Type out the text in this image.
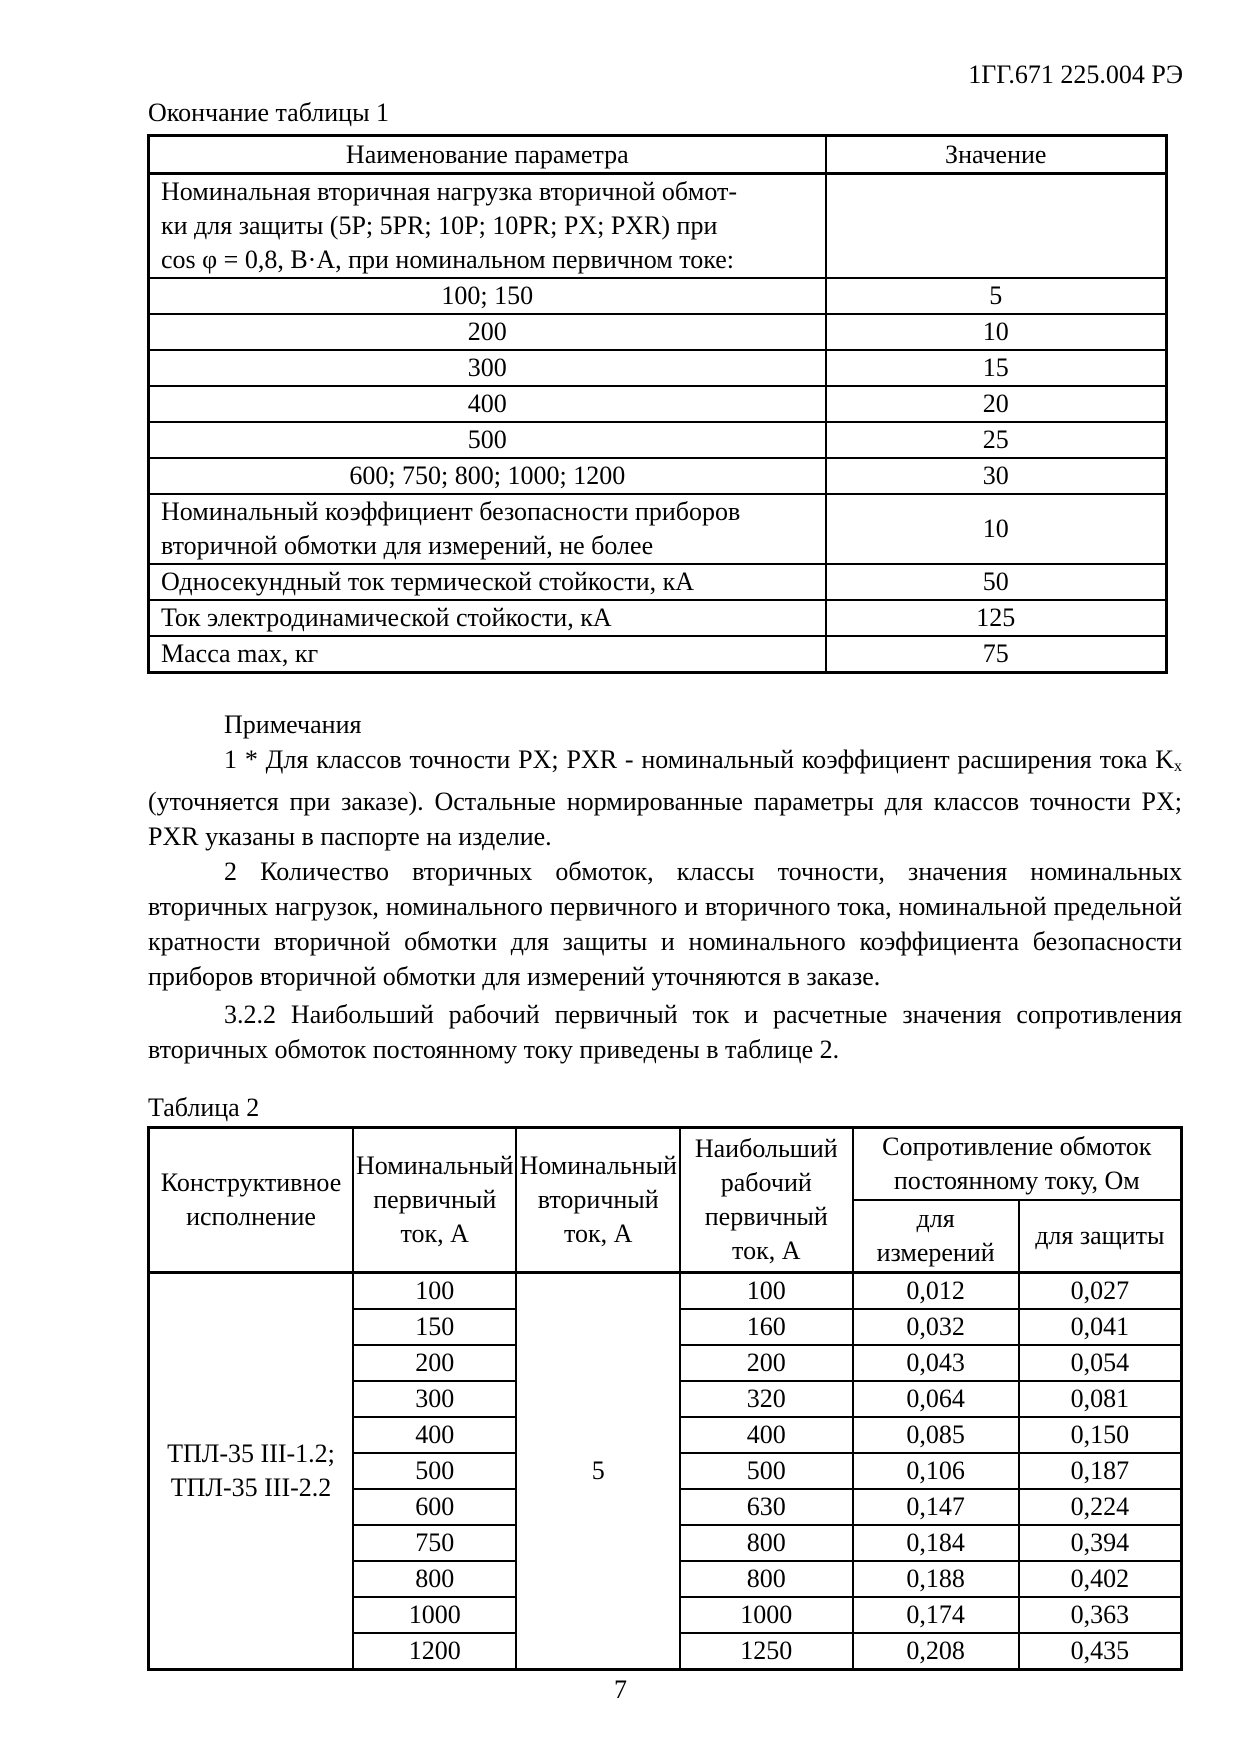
1ГГ.671 225.004 РЭ
Окончание таблицы 1
Наименование параметра	Значение

Номинальная вторичная нагрузка вторичной обмот-
ки для защиты (5P; 5PR; 10P; 10PR; PX; PXR) при
cos φ = 0,8, В·А, при номинальном первичном токе:	

100; 150	5
200	10
300	15
400	20
500	25
600; 750; 800; 1000; 1200	30

Номинальный коэффициент безопасности приборов
вторичной обмотки для измерений, не более	10
Односекундный ток термической стойкости, кА	50
Ток электродинамической стойкости, кА	125
Масса max, кг	75

Примечания

1 * Для классов точности PX; PXR - номинальный коэффициент расширения тока $K_x$ (уточняется при заказе). Остальные нормированные параметры для классов точности PX; PXR указаны в паспорте на изделие.

2 Количество вторичных обмоток, классы точности, значения номинальных вторичных нагрузок, номинального первичного и вторичного тока, номинальной предельной кратности вторичной обмотки для защиты и номинального коэффициента безопасности приборов вторичной обмотки для измерений уточняются в заказе.

3.2.2 Наибольший рабочий первичный ток и расчетные значения сопротивления вторичных обмоток постоянному току приведены в таблице 2.

Таблица 2
Конструктивное исполнение	Номинальный первичный ток, А	Номинальный вторичный ток, А	Наибольший рабочий первичный ток, А	Сопротивление обмоток постоянному току, Ом	
				для измерений	для защиты

ТПЛ-35 III-1.2;
ТПЛ-35 III-2.2	100	5	100	0,012	0,027
	150		160	0,032	0,041
	200		200	0,043	0,054
	300		320	0,064	0,081
	400		400	0,085	0,150
	500		500	0,106	0,187
	600		630	0,147	0,224
	750		800	0,184	0,394
	800		800	0,188	0,402
	1000		1000	0,174	0,363
	1200		1250	0,208	0,435
7
